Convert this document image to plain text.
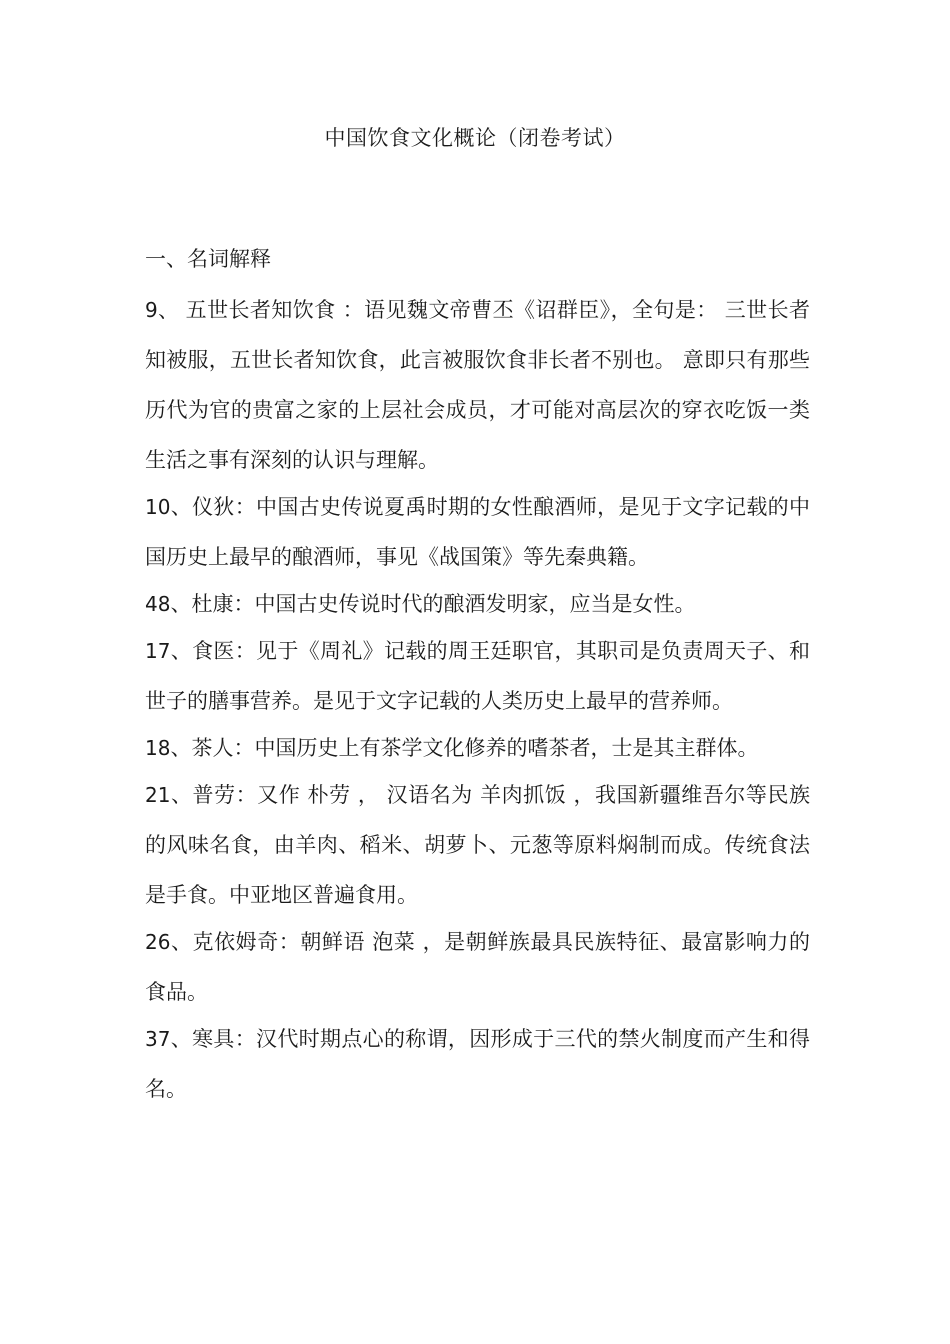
中国饮食文化概论（闭卷考试）
一、名词解释

9、 五世长者知饮食 ：语见魏文帝曹丕《诏群臣》，全句是： 三世长者知被服，五世长者知饮食，此言被服饮食非长者不别也。 意即只有那些历代为官的贵富之家的上层社会成员，才可能对高层次的穿衣吃饭一类生活之事有深刻的认识与理解。

10、仪狄：中国古史传说夏禹时期的女性酿酒师，是见于文字记载的中国历史上最早的酿酒师，事见《战国策》等先秦典籍。

48、杜康：中国古史传说时代的酿酒发明家，应当是女性。

17、食医：见于《周礼》记载的周王廷职官，其职司是负责周天子、和世子的膳事营养。是见于文字记载的人类历史上最早的营养师。

18、茶人：中国历史上有茶学文化修养的嗜茶者，士是其主群体。

21、普劳：又作 朴劳 ， 汉语名为 羊肉抓饭 ，我国新疆维吾尔等民族的风味名食，由羊肉、稻米、胡萝卜、元葱等原料焖制而成。传统食法是手食。中亚地区普遍食用。

26、克依姆奇：朝鲜语 泡菜 ，是朝鲜族最具民族特征、最富影响力的食品。

37、寒具：汉代时期点心的称谓，因形成于三代的禁火制度而产生和得名。
